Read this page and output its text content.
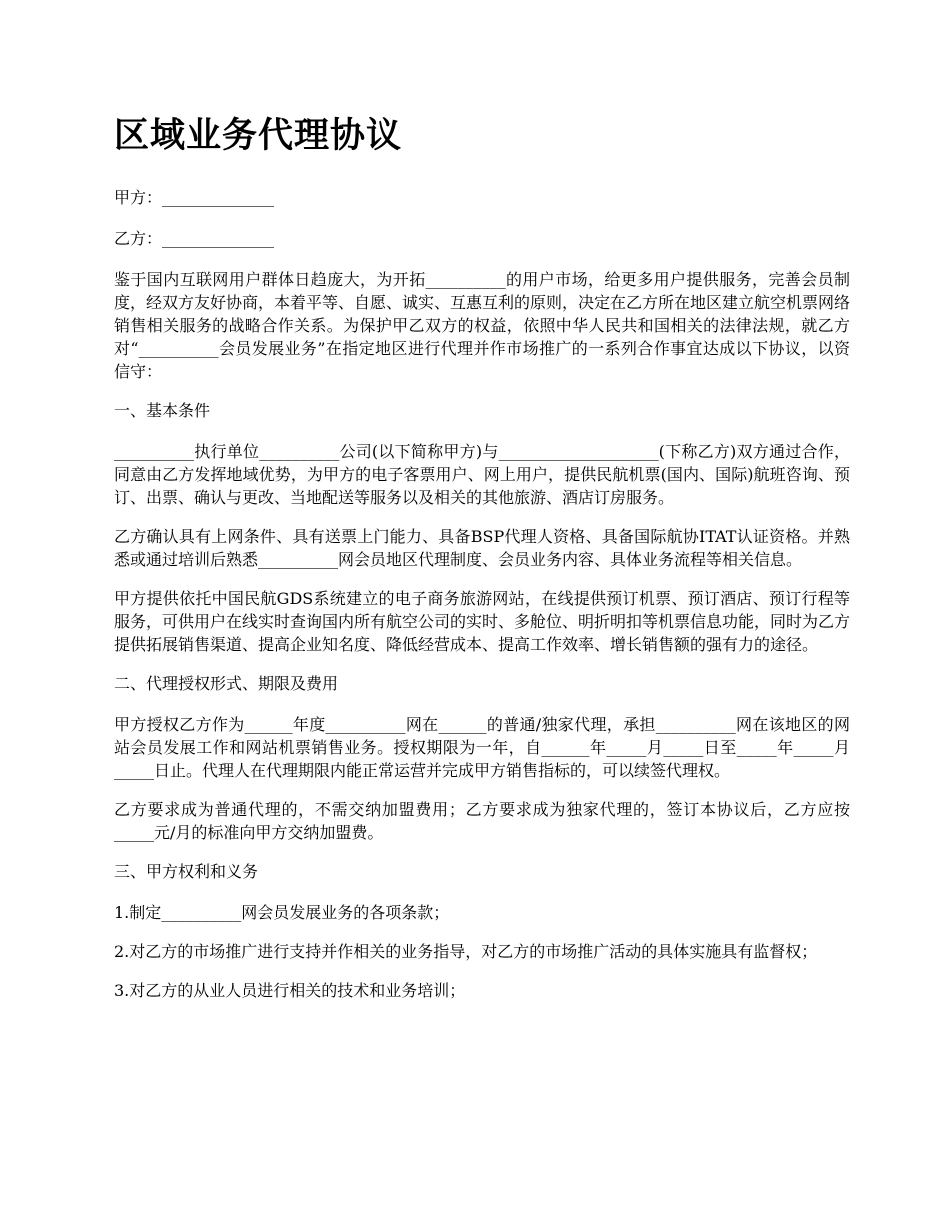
区域业务代理协议

甲方：______________

乙方：______________

鉴于国内互联网用户群体日趋庞大，为开拓__________的用户市场，给更多用户提供服务，完善会员制度，经双方友好协商，本着平等、自愿、诚实、互惠互利的原则，决定在乙方所在地区建立航空机票网络销售相关服务的战略合作关系。为保护甲乙双方的权益，依照中华人民共和国相关的法律法规，就乙方对“__________会员发展业务”在指定地区进行代理并作市场推广的一系列合作事宜达成以下协议，以资信守：

一、基本条件

__________执行单位__________公司(以下简称甲方)与____________________(下称乙方)双方通过合作，同意由乙方发挥地域优势，为甲方的电子客票用户、网上用户，提供民航机票(国内、国际)航班咨询、预订、出票、确认与更改、当地配送等服务以及相关的其他旅游、酒店订房服务。

乙方确认具有上网条件、具有送票上门能力、具备BSP代理人资格、具备国际航协ITAT认证资格。并熟悉或通过培训后熟悉__________网会员地区代理制度、会员业务内容、具体业务流程等相关信息。

甲方提供依托中国民航GDS系统建立的电子商务旅游网站，在线提供预订机票、预订酒店、预订行程等服务，可供用户在线实时查询国内所有航空公司的实时、多舱位、明折明扣等机票信息功能，同时为乙方提供拓展销售渠道、提高企业知名度、降低经营成本、提高工作效率、增长销售额的强有力的途径。

二、代理授权形式、期限及费用

甲方授权乙方作为______年度__________网在______的普通/独家代理，承担__________网在该地区的网站会员发展工作和网站机票销售业务。授权期限为一年，自______年_____月_____日至_____年_____月_____日止。代理人在代理期限内能正常运营并完成甲方销售指标的，可以续签代理权。

乙方要求成为普通代理的，不需交纳加盟费用；乙方要求成为独家代理的，签订本协议后，乙方应按_____元/月的标准向甲方交纳加盟费。

三、甲方权利和义务

1.制定__________网会员发展业务的各项条款；

2.对乙方的市场推广进行支持并作相关的业务指导，对乙方的市场推广活动的具体实施具有监督权；

3.对乙方的从业人员进行相关的技术和业务培训；
